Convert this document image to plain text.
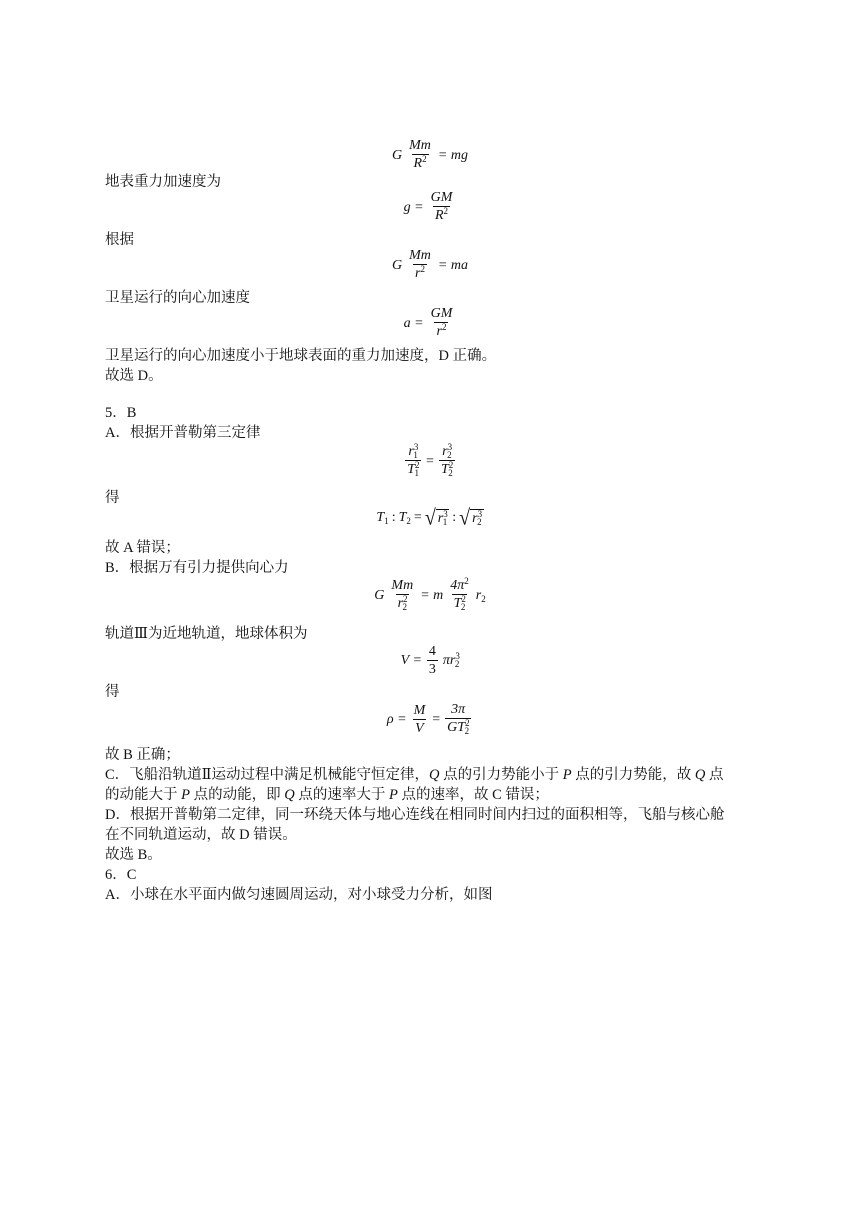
G $\frac{Mm}{R^2}$ = mg
地表重力加速度为
$g = \frac{GM}{R^2}$
根据
G $\frac{Mm}{r^2}$ = ma
卫星运行的向心加速度
$a = \frac{GM}{r^2}$
卫星运行的向心加速度小于地球表面的重力加速度，D 正确。
故选 D。
5．B
A．根据开普勒第三定律
$\frac{r^3_1}{T^2_1} = \frac{r^3_2}{T^2_2}$
得
$T_1$ : $T_2$ = √ $r^3_1$ : √ $r^3_2$
故 A 错误；
B．根据万有引力提供向心力
G $\frac{Mm}{r^2_2} = m \frac{4\pi^2}{T^2_2} r_2$
轨道Ⅲ为近地轨道，地球体积为
$V = \frac{4}{3} \pi r^3_2$
得
$\rho = \frac{M}{V} = \frac{3\pi}{GT^2_2}$
故 B 正确；
C．飞船沿轨道Ⅱ运动过程中满足机械能守恒定律，Q 点的引力势能小于 P 点的引力势能，故 Q 点
的动能大于 P 点的动能，即 Q 点的速率大于 P 点的速率，故 C 错误；
D．根据开普勒第二定律，同一环绕天体与地心连线在相同时间内扫过的面积相等，飞船与核心舱
在不同轨道运动，故 D 错误。
故选 B。
6．C
A．小球在水平面内做匀速圆周运动，对小球受力分析，如图
